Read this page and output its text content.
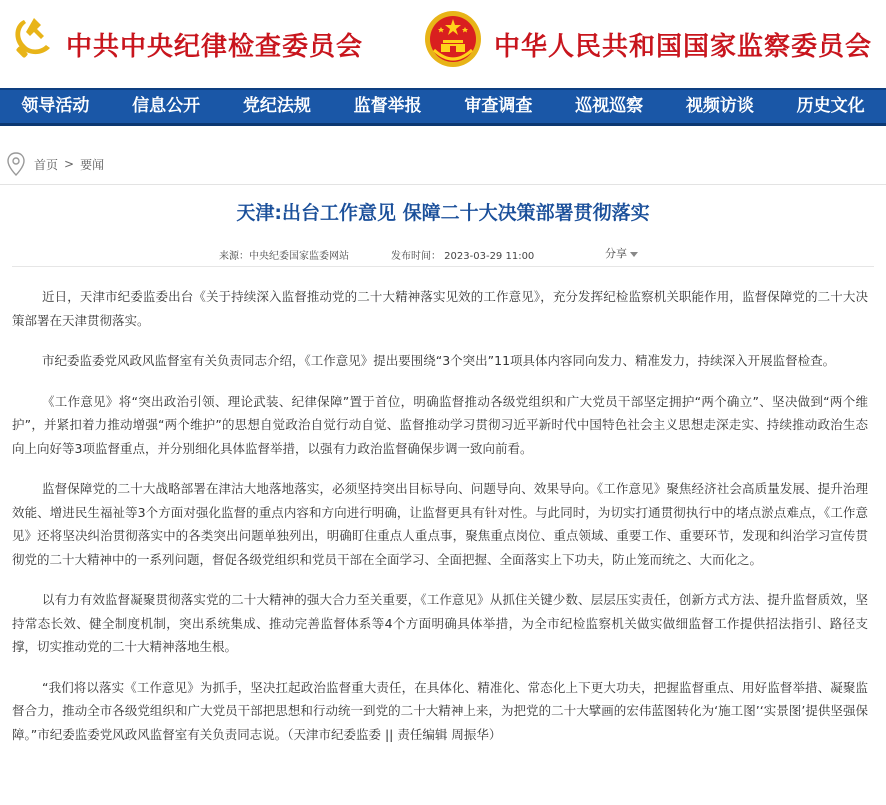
中共中央纪律检查委员会	中华人民共和国国家监察委员会
领导活动	信息公开	党纪法规	监督举报	审查调查	巡视巡察	视频访谈	历史文化
首页 > 要闻
天津:出台工作意见 保障二十大决策部署贯彻落实
来源：中央纪委国家监委网站	发布时间： 2023-03-29 11:00	分享

近日，天津市纪委监委出台《关于持续深入监督推动党的二十大精神落实见效的工作意见》，充分发挥纪检监察机关职能作用，监督保障党的二十大决策部署在天津贯彻落实。

市纪委监委党风政风监督室有关负责同志介绍，《工作意见》提出要围绕“3个突出”11项具体内容同向发力、精准发力，持续深入开展监督检查。

《工作意见》将“突出政治引领、理论武装、纪律保障”置于首位，明确监督推动各级党组织和广大党员干部坚定拥护“两个确立”、坚决做到“两个维护”，并紧扣着力推动增强“两个维护”的思想自觉政治自觉行动自觉、监督推动学习贯彻习近平新时代中国特色社会主义思想走深走实、持续推动政治生态向上向好等3项监督重点，并分别细化具体监督举措，以强有力政治监督确保步调一致向前看。

监督保障党的二十大战略部署在津沽大地落地落实，必须坚持突出目标导向、问题导向、效果导向。《工作意见》聚焦经济社会高质量发展、提升治理效能、增进民生福祉等3个方面对强化监督的重点内容和方向进行明确，让监督更具有针对性。与此同时，为切实打通贯彻执行中的堵点淤点难点，《工作意见》还将坚决纠治贯彻落实中的各类突出问题单独列出，明确盯住重点人重点事，聚焦重点岗位、重点领域、重要工作、重要环节，发现和纠治学习宣传贯彻党的二十大精神中的一系列问题，督促各级党组织和党员干部在全面学习、全面把握、全面落实上下功夫，防止笼而统之、大而化之。

以有力有效监督凝聚贯彻落实党的二十大精神的强大合力至关重要，《工作意见》从抓住关键少数、层层压实责任，创新方式方法、提升监督质效，坚持常态长效、健全制度机制，突出系统集成、推动完善监督体系等4个方面明确具体举措，为全市纪检监察机关做实做细监督工作提供招法指引、路径支撑，切实推动党的二十大精神落地生根。

“我们将以落实《工作意见》为抓手，坚决扛起政治监督重大责任，在具体化、精准化、常态化上下更大功夫，把握监督重点、用好监督举措、凝聚监督合力，推动全市各级党组织和广大党员干部把思想和行动统一到党的二十大精神上来，为把党的二十大擘画的宏伟蓝图转化为‘施工图’‘实景图’提供坚强保障。”市纪委监委党风政风监督室有关负责同志说。（天津市纪委监委 || 责任编辑 周振华）
